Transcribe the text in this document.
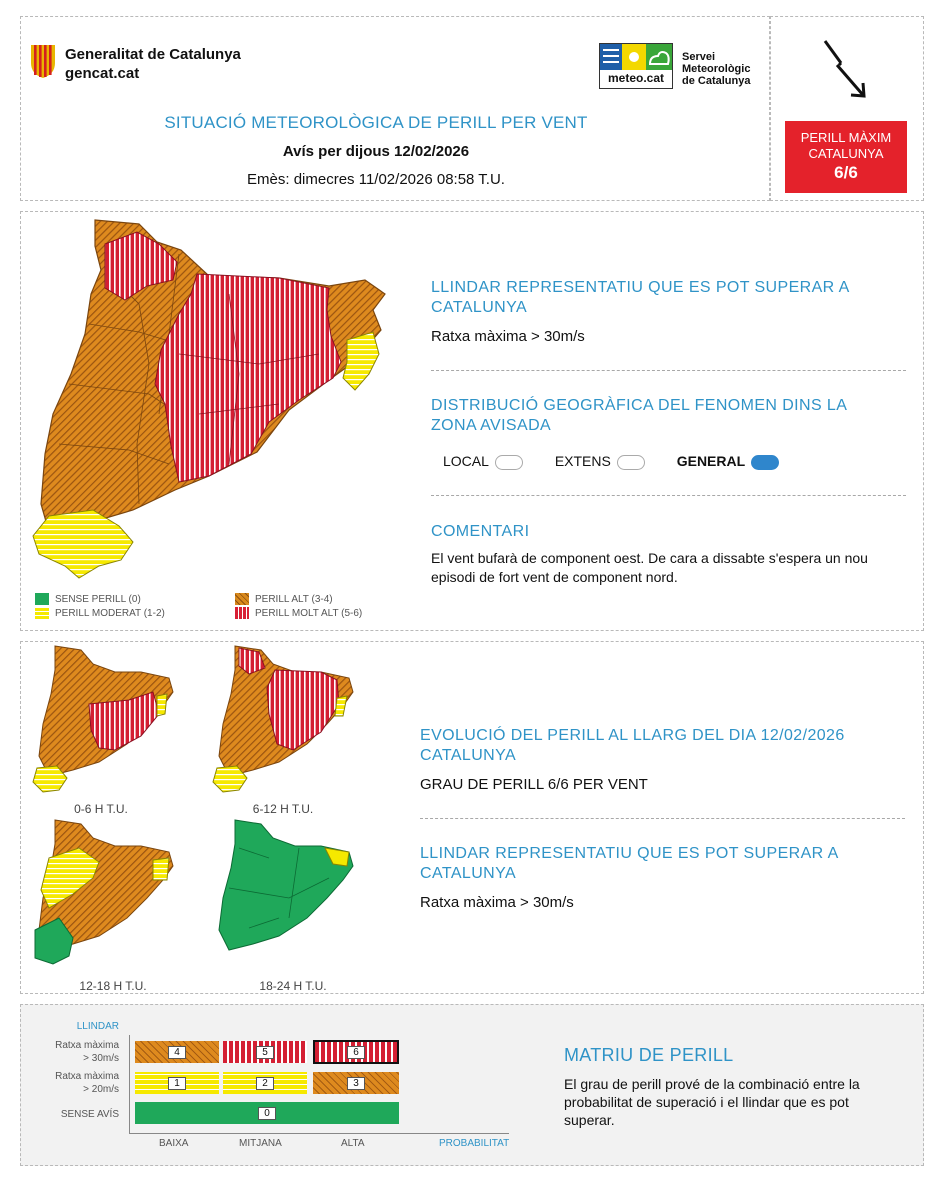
Generalitat de Catalunya
gencat.cat	meteo.cat
Servei
Meteorològic
de Catalunya
SITUACIÓ METEOROLÒGICA DE PERILL PER VENT
Avís per dijous 12/02/2026
Emès: dimecres 11/02/2026 08:58 T.U.
PERILL MÀXIM
CATALUNYA
6/6
SENSE PERILL (0)
PERILL MODERAT (1-2)
PERILL ALT (3-4)
PERILL MOLT ALT (5-6)
LLINDAR REPRESENTATIU QUE ES POT SUPERAR A CATALUNYA
Ratxa màxima > 30m/s
DISTRIBUCIÓ GEOGRÀFICA DEL FENOMEN DINS LA ZONA AVISADA
LOCAL	EXTENS	GENERAL
COMENTARI
El vent bufarà de component oest. De cara a dissabte s'espera un nou episodi de fort vent de component nord.
0-6 H T.U.	6-12 H T.U.
12-18 H T.U.	18-24 H T.U.
EVOLUCIÓ DEL PERILL AL LLARG DEL DIA 12/02/2026 CATALUNYA
GRAU DE PERILL 6/6 PER VENT
LLINDAR REPRESENTATIU QUE ES POT SUPERAR A CATALUNYA
Ratxa màxima > 30m/s
LLINDAR
Ratxa màxima
> 30m/s
Ratxa màxima
> 20m/s
SENSE AVÍS
4	5	6
1	2	3
0
BAIXA	MITJANA	ALTA	PROBABILITAT
MATRIU DE PERILL
El grau de perill prové de la combinació entre la probabilitat de superació i el llindar que es pot superar.
